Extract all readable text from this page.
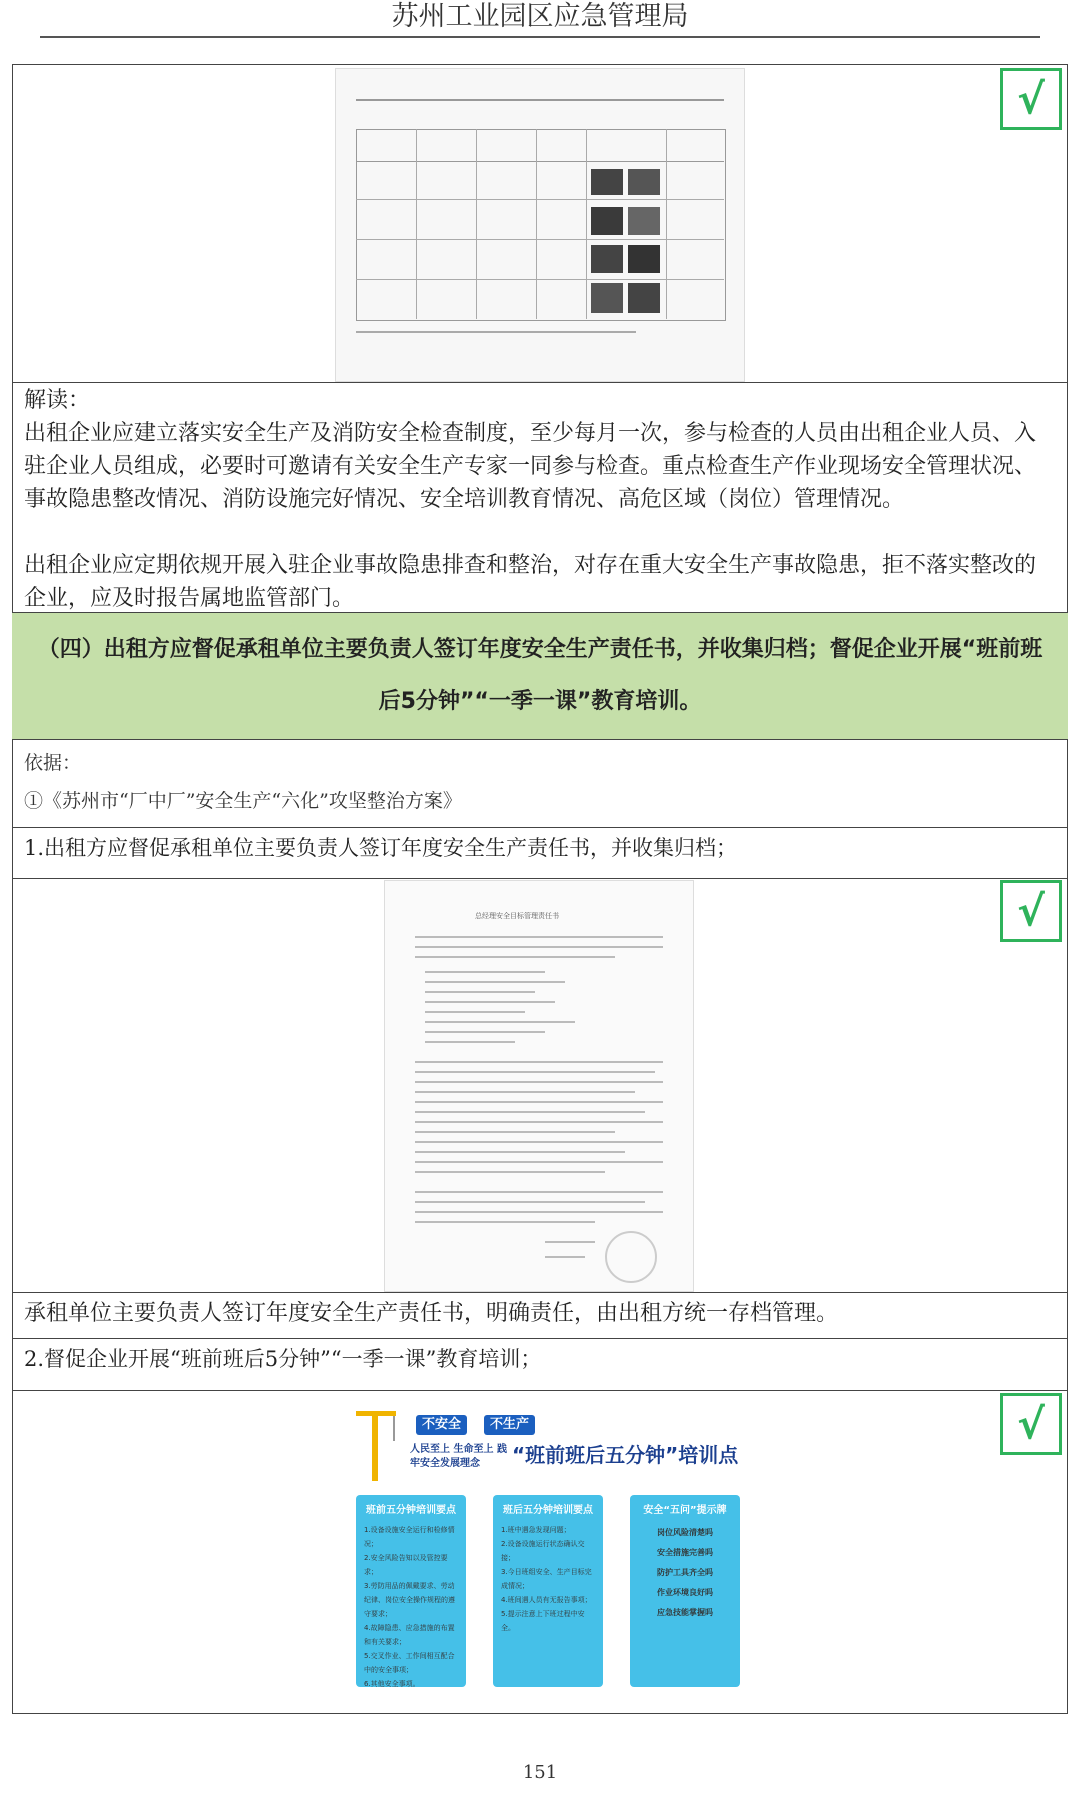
苏州工业园区应急管理局
√
解读：
出租企业应建立落实安全生产及消防安全检查制度，至少每月一次，参与检查的人员由出租企业人员、入驻企业人员组成，必要时可邀请有关安全生产专家一同参与检查。重点检查生产作业现场安全管理状况、事故隐患整改情况、消防设施完好情况、安全培训教育情况、高危区域（岗位）管理情况。
出租企业应定期依规开展入驻企业事故隐患排查和整治，对存在重大安全生产事故隐患，拒不落实整改的企业，应及时报告属地监管部门。
（四）出租方应督促承租单位主要负责人签订年度安全生产责任书，并收集归档；督促企业开展“班前班后5分钟”“一季一课”教育培训。
依据：
①《苏州市“厂中厂”安全生产“六化”攻坚整治方案》
1.出租方应督促承租单位主要负责人签订年度安全生产责任书，并收集归档；
总经理安全目标管理责任书	√
承租单位主要负责人签订年度安全生产责任书，明确责任，由出租方统一存档管理。
2.督促企业开展“班前班后5分钟”“一季一课”教育培训；
不安全	不生产
人民至上 生命至上 践牢安全发展理念	“班前班后五分钟”培训点
班前五分钟培训要点
1.设备设施安全运行和检修情况；
2.安全风险告知以及管控要求；
3.劳防用品的佩戴要求、劳动纪律、岗位安全操作规程的遵守要求；
4.故障隐患、应急措施的布置和有关要求；
5.交叉作业、工作间相互配合中的安全事项；
6.其他安全事项。
班后五分钟培训要点
1.班中遇急发现问题；
2.设备设施运行状态确认交接；
3.今日班组安全、生产目标完成情况；
4.班间遇人员有无报告事项；
5.提示注意上下班过程中安全。
安全“五问”提示牌
岗位风险清楚吗
安全措施完善吗
防护工具齐全吗
作业环境良好吗
应急技能掌握吗
√
151
